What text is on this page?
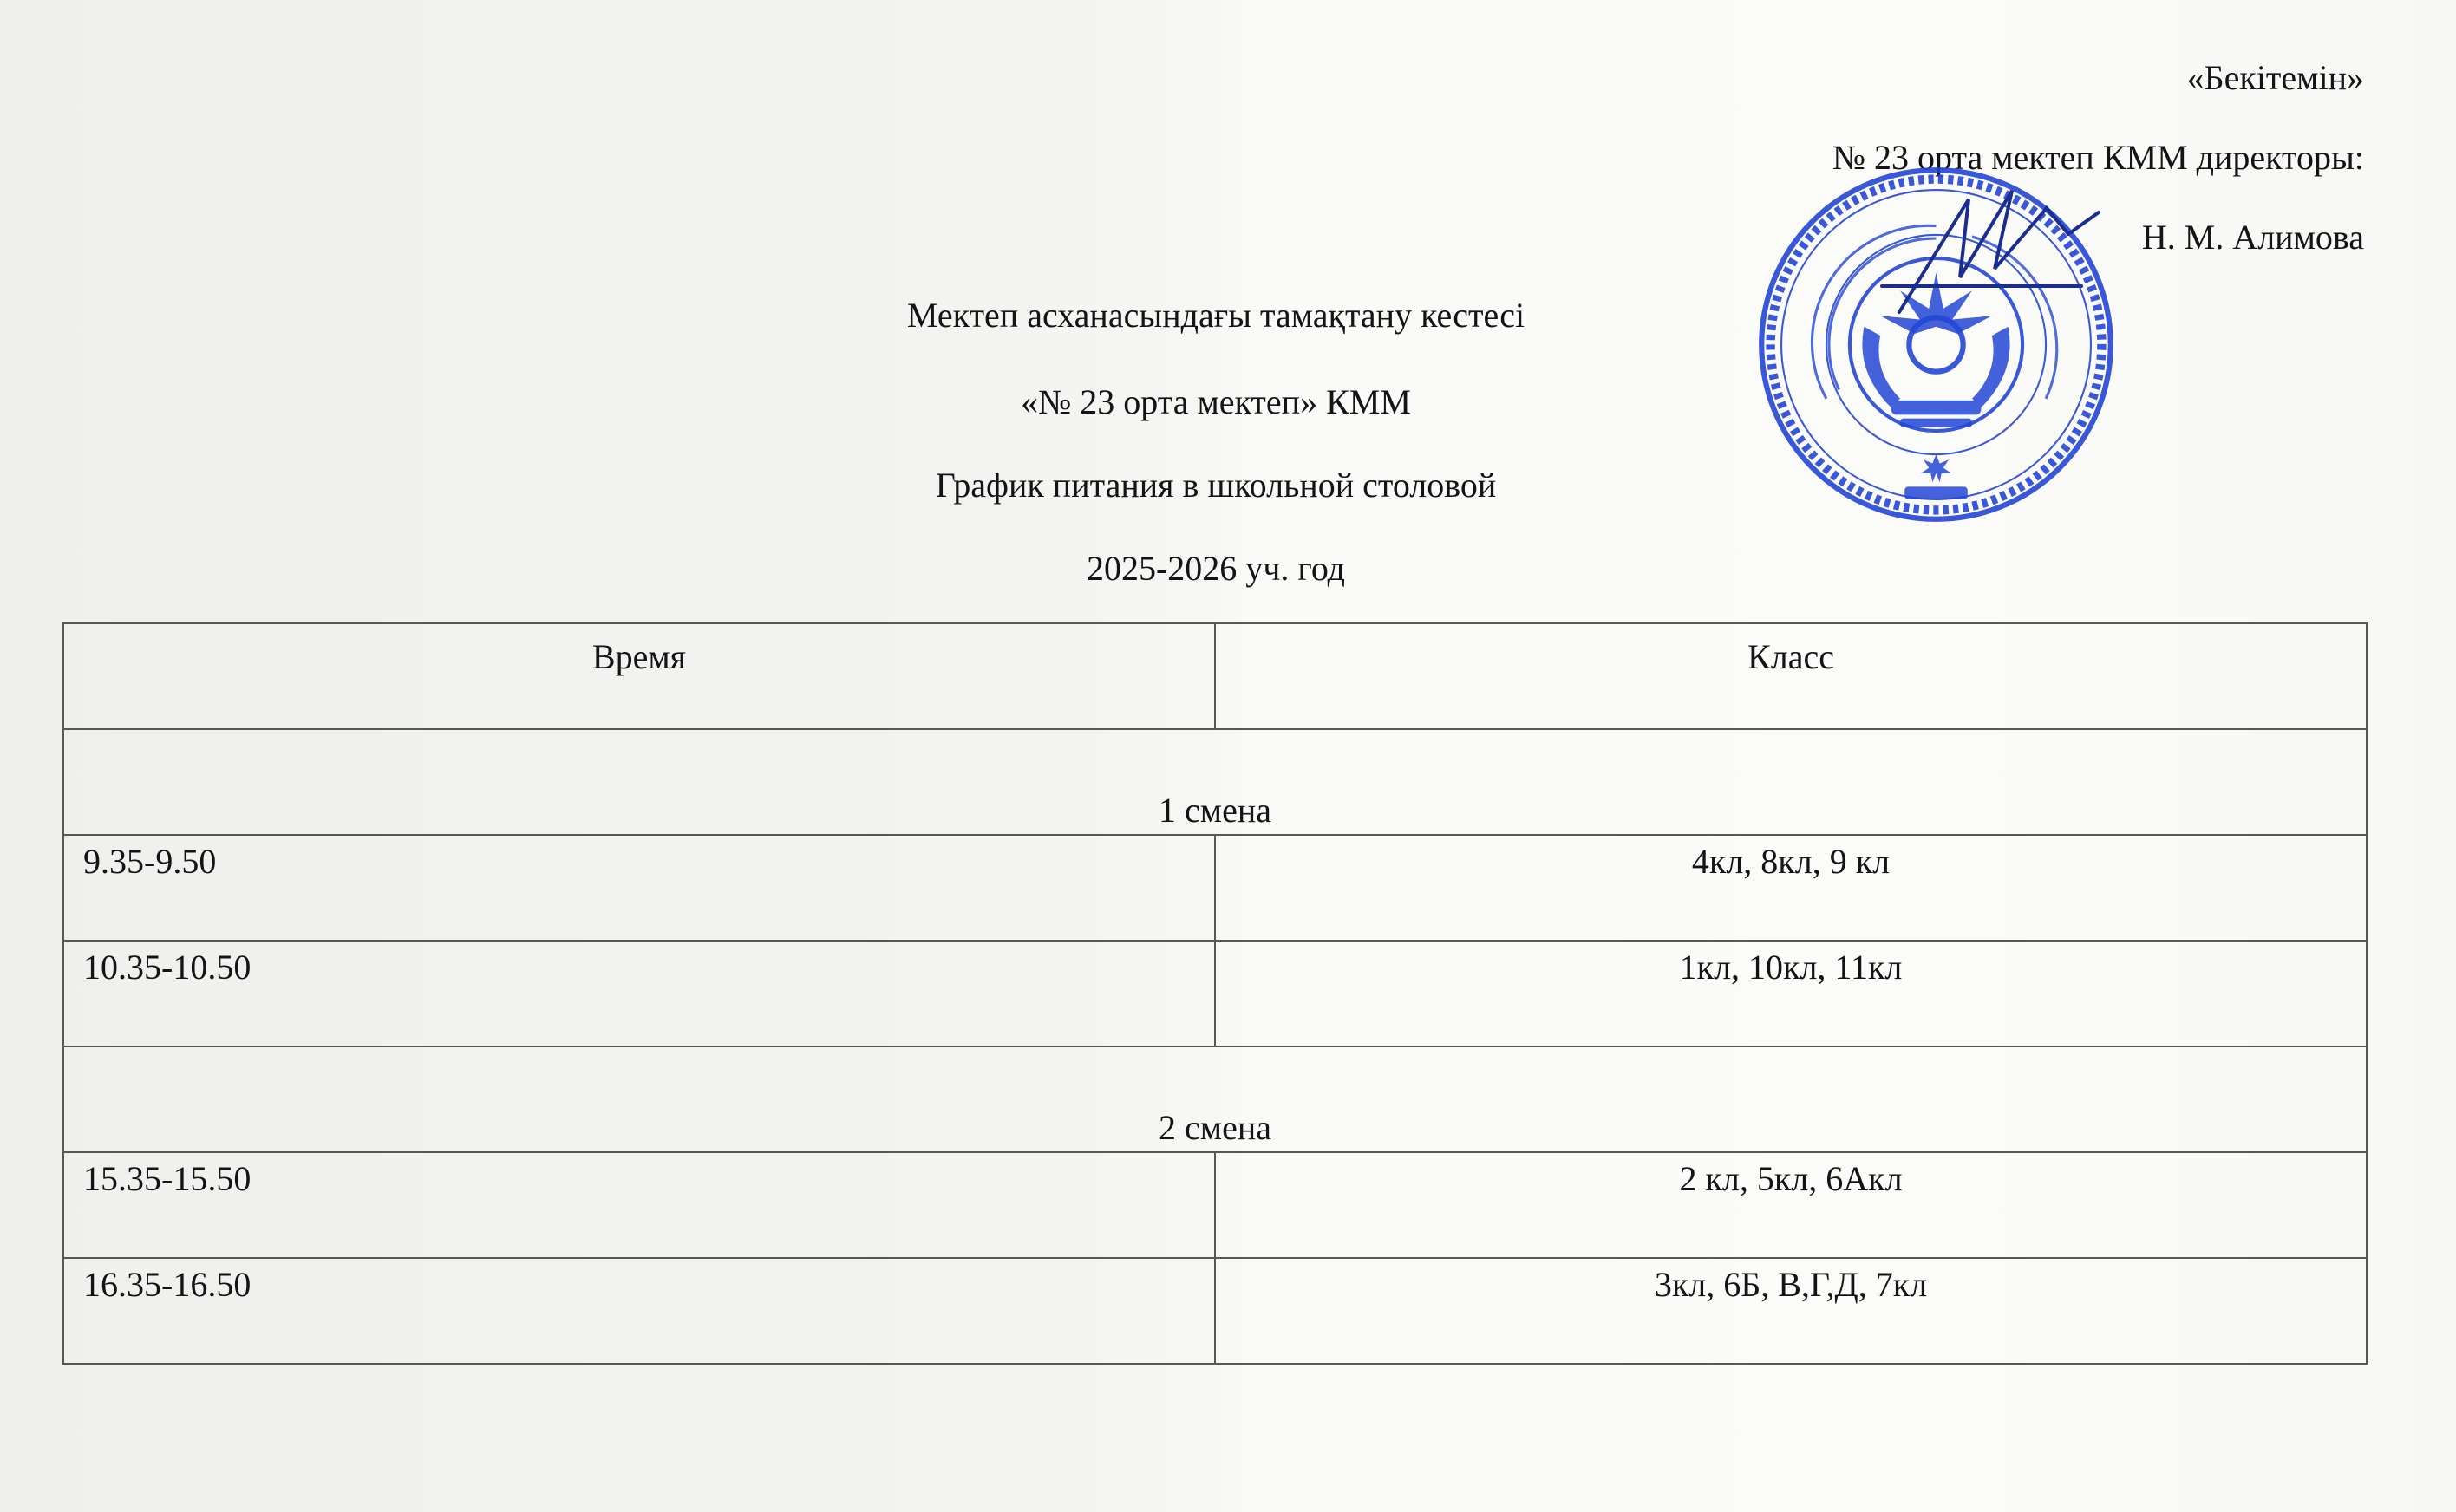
«Бекітемін»
№ 23 орта мектеп КММ директоры:
Н. М. Алимова
Мектеп асханасындағы тамақтану кестесі
«№ 23 орта мектеп» КММ
График питания в школьной столовой
2025-2026 уч. год
Время	Класс
1 смена	
9.35-9.50	4кл, 8кл, 9 кл
10.35-10.50	1кл, 10кл, 11кл
2 смена	
15.35-15.50	2 кл, 5кл, 6Акл
16.35-16.50	3кл, 6Б, В,Г,Д, 7кл
